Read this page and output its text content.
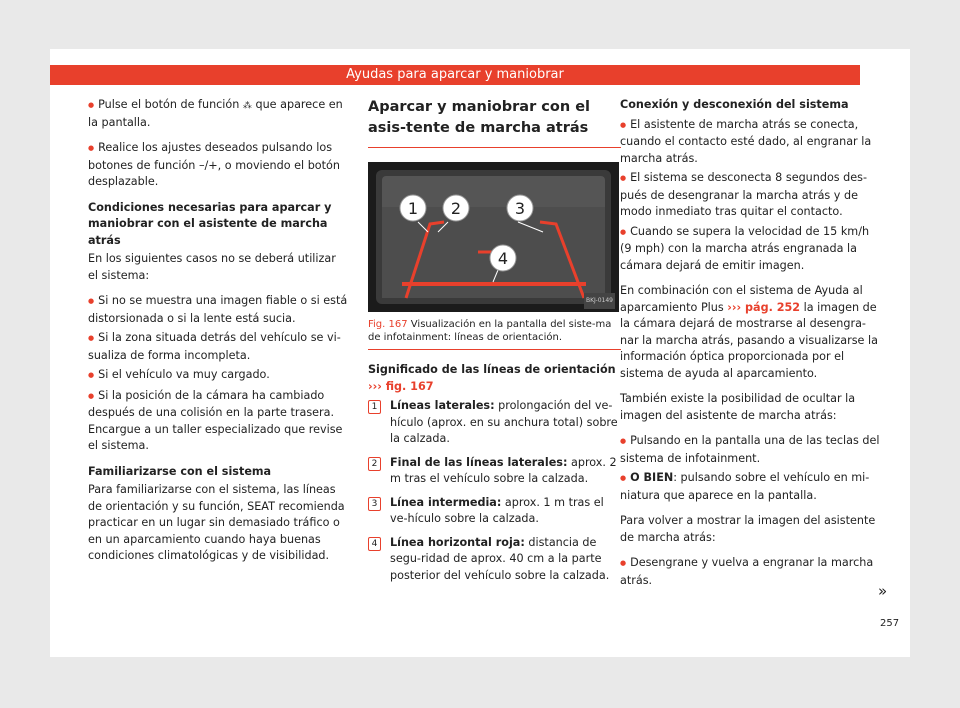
Ayudas para aparcar y maniobrar

● Pulse el botón de función ⁂ que aparece en la pantalla.

● Realice los ajustes deseados pulsando los botones de función –/+, o moviendo el botón desplazable.

Condiciones necesarias para aparcar y maniobrar con el asistente de marcha atrás

En los siguientes casos no se deberá utilizar el sistema:

● Si no se muestra una imagen fiable o si está distorsionada o si la lente está sucia.

● Si la zona situada detrás del vehículo se vi-sualiza de forma incompleta.

● Si el vehículo va muy cargado.

● Si la posición de la cámara ha cambiado después de una colisión en la parte trasera. Encargue a un taller especializado que revise el sistema.

Familiarizarse con el sistema

Para familiarizarse con el sistema, las líneas de orientación y su función, SEAT recomienda practicar en un lugar sin demasiado tráfico o en un aparcamiento cuando haya buenas condiciones climatológicas y de visibilidad.

Aparcar y maniobrar con el asis-tente de marcha atrás
1 2	3
4
BKJ-0149
Fig. 167 Visualización en la pantalla del siste-ma de infotainment: líneas de orientación.

Significado de las líneas de orientación ››› fig. 167

1	Líneas laterales: prolongación del ve-hículo (aprox. en su anchura total) sobre la calzada.
2	Final de las líneas laterales: aprox. 2 m tras el vehículo sobre la calzada.
3	Línea intermedia: aprox. 1 m tras el ve-hículo sobre la calzada.
4	Línea horizontal roja: distancia de segu-ridad de aprox. 40 cm a la parte posterior del vehículo sobre la calzada.

Conexión y desconexión del sistema

● El asistente de marcha atrás se conecta, cuando el contacto esté dado, al engranar la marcha atrás.

● El sistema se desconecta 8 segundos des-pués de desengranar la marcha atrás y de modo inmediato tras quitar el contacto.

● Cuando se supera la velocidad de 15 km/h (9 mph) con la marcha atrás engranada la cámara dejará de emitir imagen.

En combinación con el sistema de Ayuda al aparcamiento Plus ››› pág. 252 la imagen de la cámara dejará de mostrarse al desengra-nar la marcha atrás, pasando a visualizarse la información óptica proporcionada por el sistema de ayuda al aparcamiento.

También existe la posibilidad de ocultar la imagen del asistente de marcha atrás:

● Pulsando en la pantalla una de las teclas del sistema de infotainment.

● O BIEN: pulsando sobre el vehículo en mi-niatura que aparece en la pantalla.

Para volver a mostrar la imagen del asistente de marcha atrás:

● Desengrane y vuelva a engranar la marcha atrás.

»
257
